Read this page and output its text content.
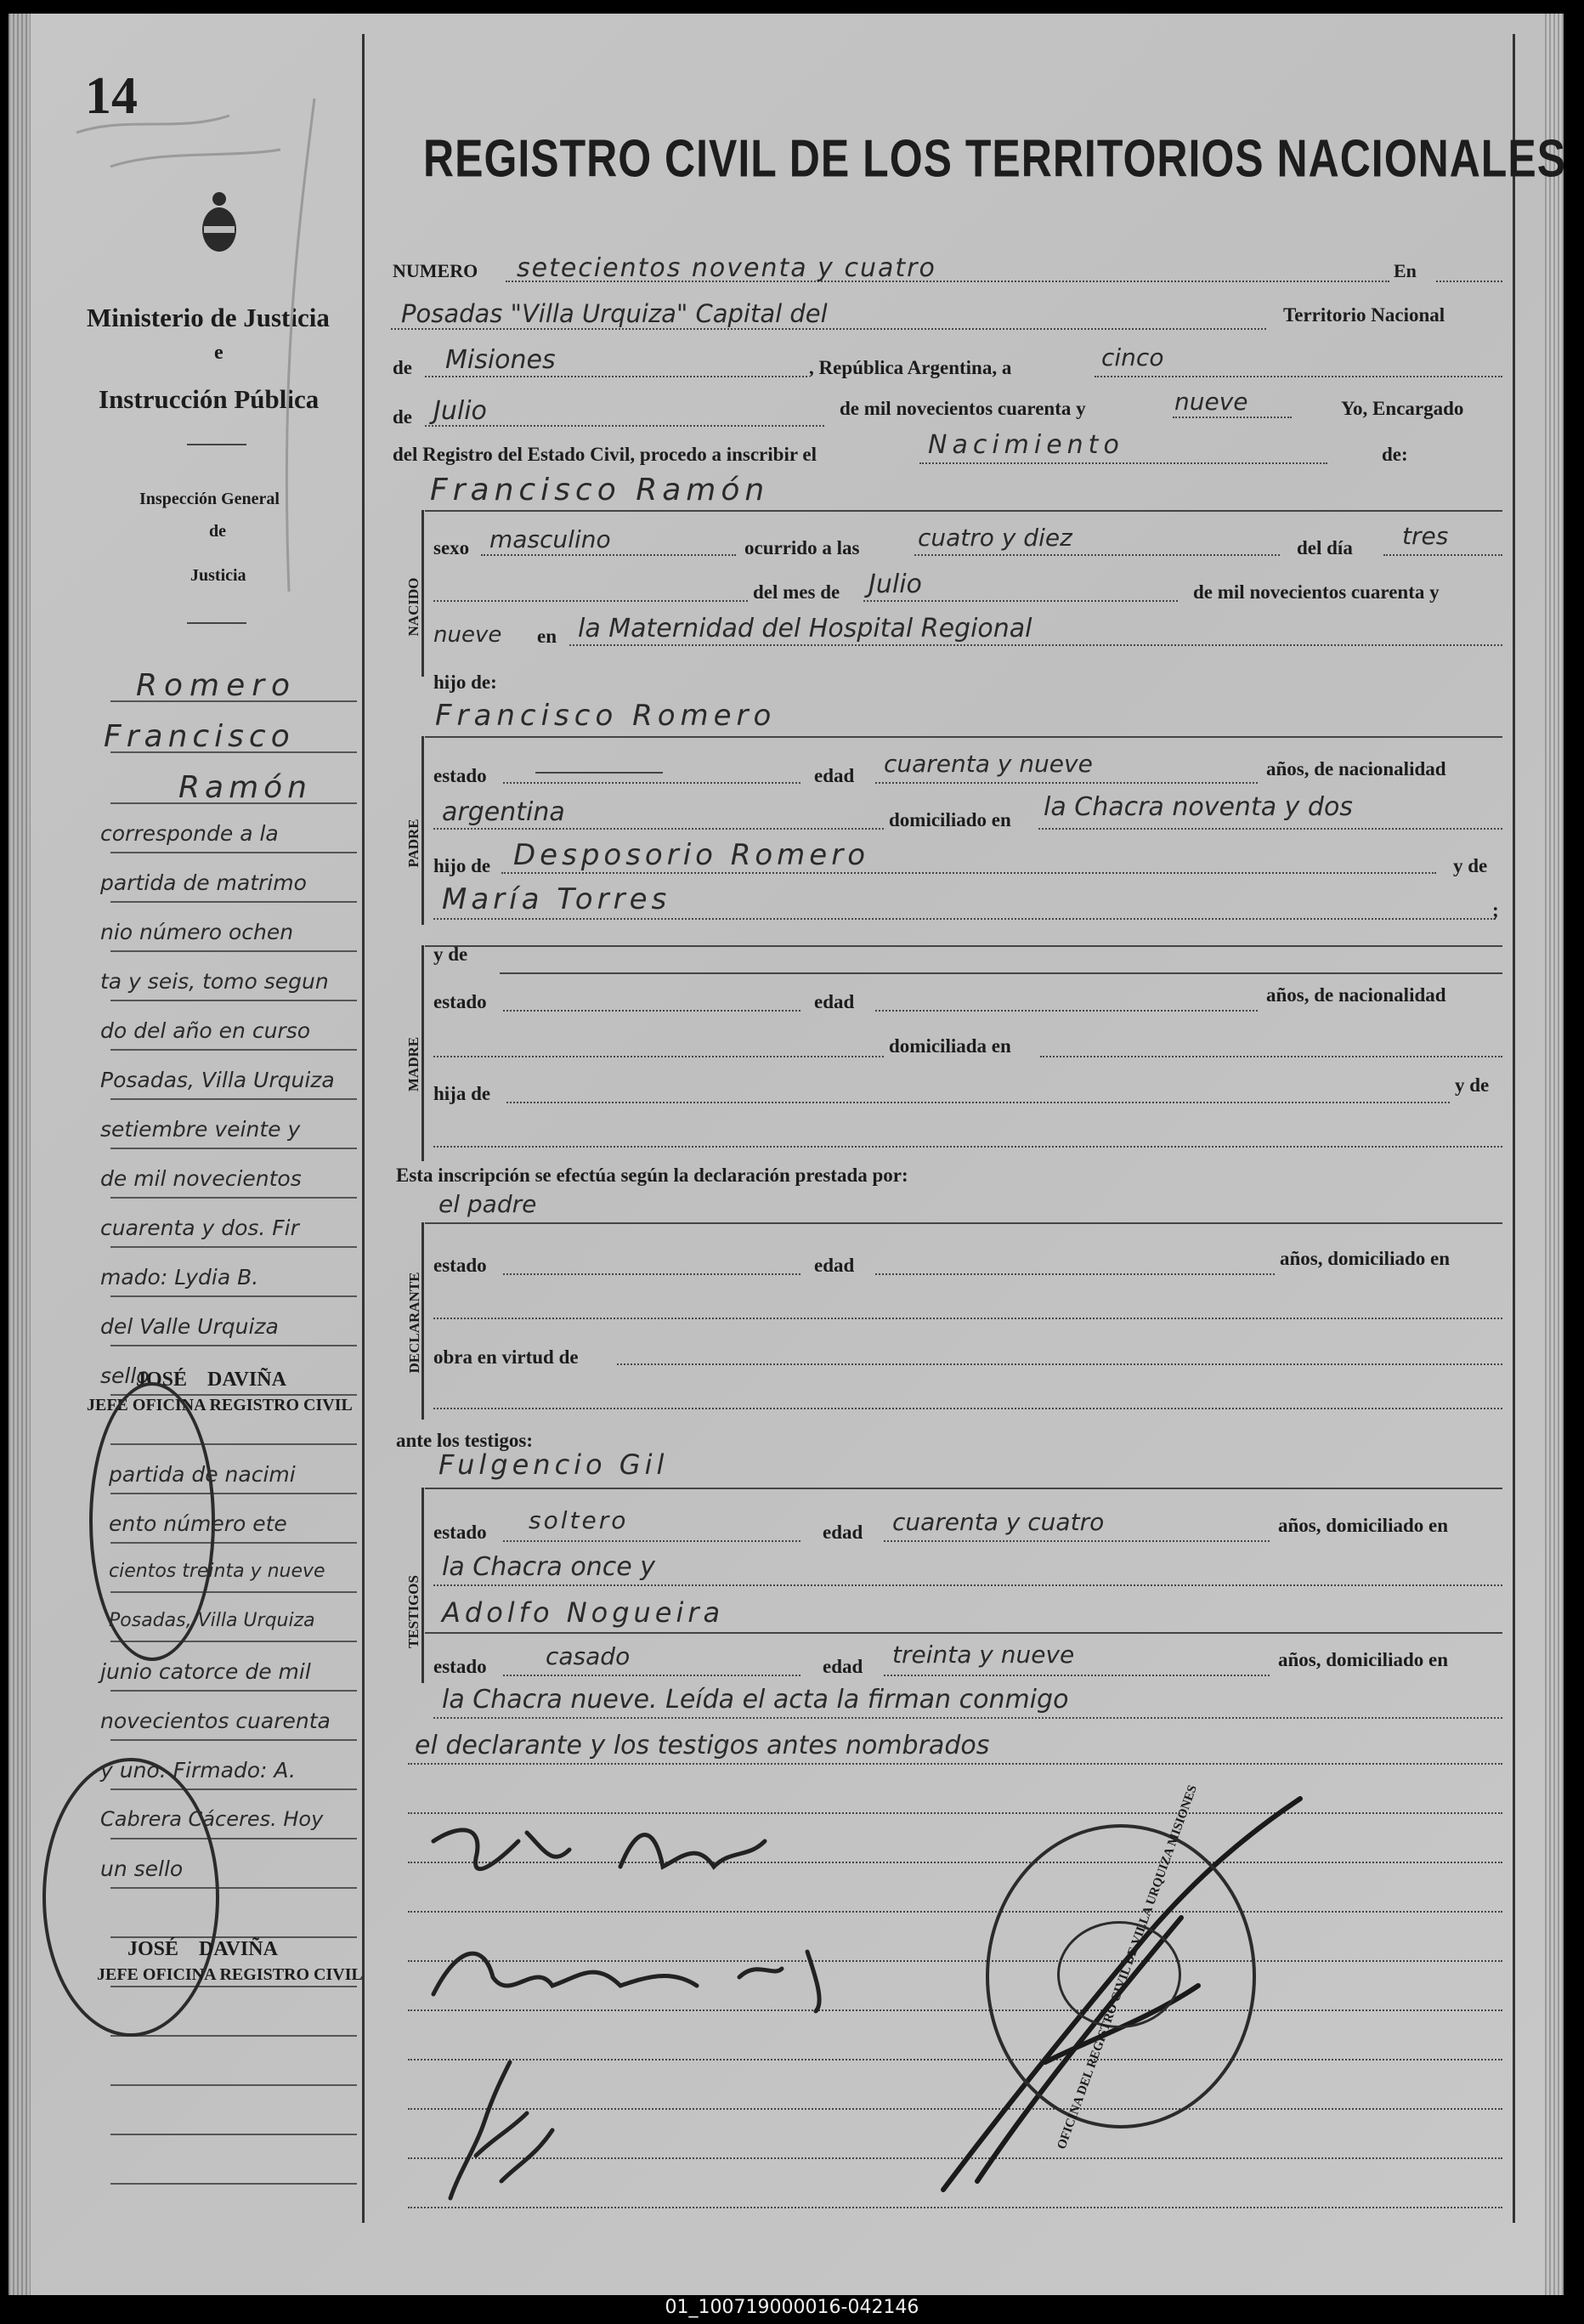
14
Ministerio de Justicia
e
Instrucción Pública
Inspección General
de
Justicia
Romero
Francisco
Ramón
corresponde a la
partida de matrimo
nio número ochen
ta y seis, tomo segun
do del año en curso
Posadas, Villa Urquiza
setiembre veinte y
de mil novecientos
cuarenta y dos. Fir
mado: Lydia B.
del Valle Urquiza
sello
partida de nacimi
ento número ete
cientos treinta y nueve
Posadas, Villa Urquiza
junio catorce de mil
novecientos cuarenta
y uno. Firmado: A.
Cabrera Cáceres. Hoy
un sello
JOSÉ DAVIÑA
JEFE OFICINA REGISTRO CIVIL
JOSÉ DAVIÑA
JEFE OFICINA REGISTRO CIVIL
REGISTRO CIVIL DE LOS TERRITORIOS NACIONALES
NUMERO setecientos noventa y cuatro	En
Posadas "Villa Urquiza" Capital del	Territorio Nacional
de Misiones	, República Argentina, a	cinco
de Julio	de mil novecientos cuarenta y	nueve	Yo, Encargado
del Registro del Estado Civil, procedo a inscribir el	Nacimiento	de:
Francisco Ramón
NACIDO
sexo masculino	ocurrido a las cuatro y diez	del día tres
del mes de Julio	de mil novecientos cuarenta y
nueve en la Maternidad del Hospital Regional
hijo de:
Francisco Romero
PADRE
estado	edad cuarenta y nueve	años, de nacionalidad
argentina	domiciliado en la Chacra noventa y dos
hijo de Desposorio Romero	y de
María Torres	;
MADRE
y de
estado	edad	años, de nacionalidad
domiciliada en
hija de	y de
Esta inscripción se efectúa según la declaración prestada por:
el padre
DECLARANTE
estado	edad	años, domiciliado en
obra en virtud de
ante los testigos:
Fulgencio Gil
TESTIGOS
estado soltero	edad cuarenta y cuatro	años, domiciliado en
la Chacra once y
Adolfo Nogueira
estado casado	edad treinta y nueve	años, domiciliado en
la Chacra nueve. Leída el acta la firman conmigo
el declarante y los testigos antes nombrados
OFICINA DEL REGISTRO CIVIL DE VILLA URQUIZA MISIONES
01_100719000016-042146
